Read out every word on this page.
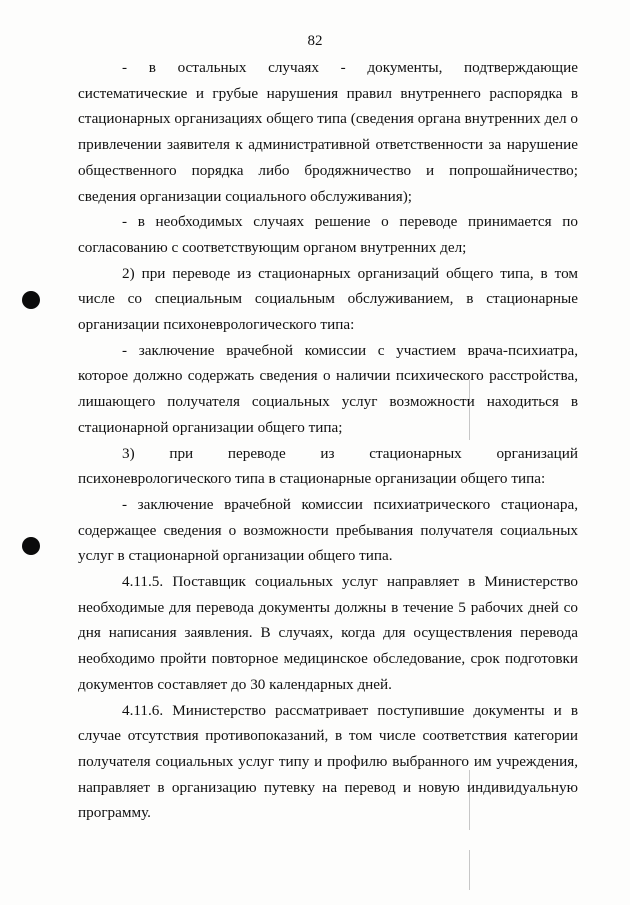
82

- в остальных случаях - документы, подтверждающие систематические и грубые нарушения правил внутреннего распорядка в стационарных организациях общего типа (сведения органа внутренних дел о привлечении заявителя к административной ответственности за нарушение общественного порядка либо бродяжничество и попрошайничество; сведения организации социального обслуживания);

- в необходимых случаях решение о переводе принимается по согласованию с соответствующим органом внутренних дел;

2) при переводе из стационарных организаций общего типа, в том числе со специальным социальным обслуживанием, в стационарные организации психоневрологического типа:

- заключение врачебной комиссии с участием врача-психиатра, которое должно содержать сведения о наличии психического расстройства, лишающего получателя социальных услуг возможности находиться в стационарной организации общего типа;

3) при переводе из стационарных организаций психоневрологического типа в стационарные организации общего типа:

- заключение врачебной комиссии психиатрического стационара, содержащее сведения о возможности пребывания получателя социальных услуг в стационарной организации общего типа.

4.11.5. Поставщик социальных услуг направляет в Министерство необходимые для перевода документы должны в течение 5 рабочих дней со дня написания заявления. В случаях, когда для осуществления перевода необходимо пройти повторное медицинское обследование, срок подготовки документов составляет до 30 календарных дней.

4.11.6. Министерство рассматривает поступившие документы и в случае отсутствия противопоказаний, в том числе соответствия категории получателя социальных услуг типу и профилю выбранного им учреждения, направляет в организацию путевку на перевод и новую индивидуальную программу.
